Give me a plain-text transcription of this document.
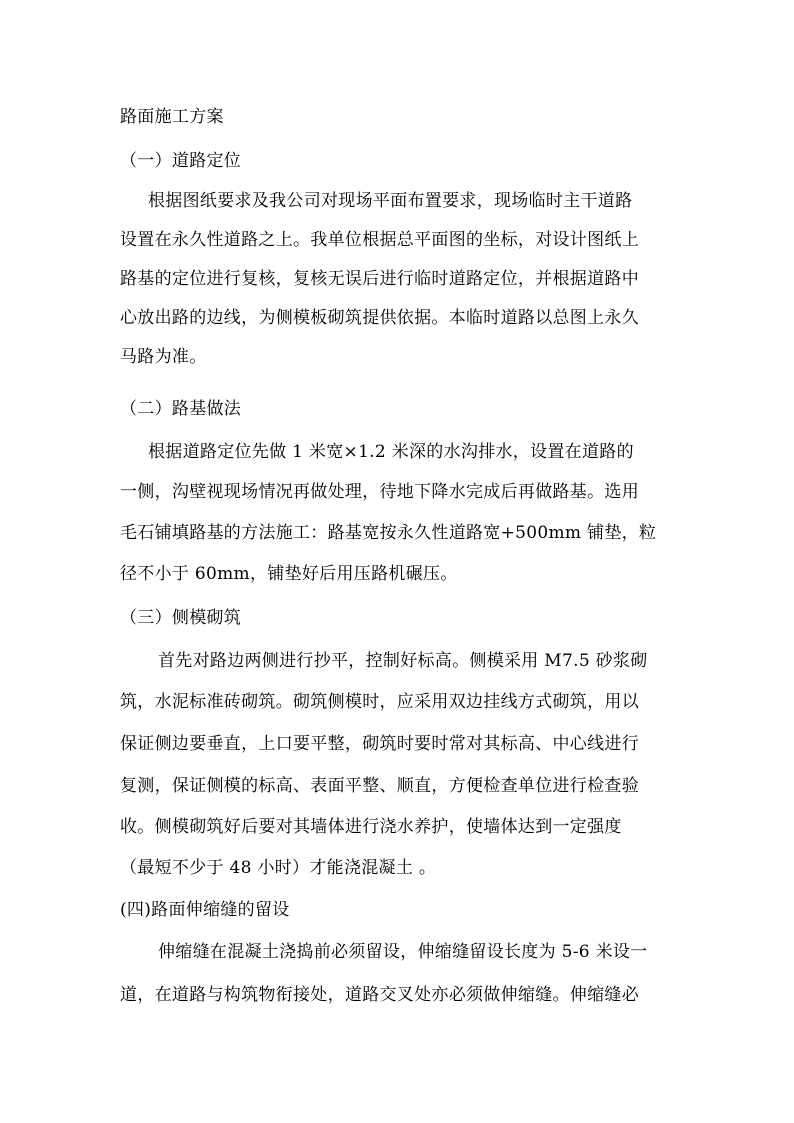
路面施工方案
（一）道路定位
根据图纸要求及我公司对现场平面布置要求，现场临时主干道路
设置在永久性道路之上。我单位根据总平面图的坐标，对设计图纸上
路基的定位进行复核，复核无误后进行临时道路定位，并根据道路中
心放出路的边线，为侧模板砌筑提供依据。本临时道路以总图上永久
马路为准。
（二）路基做法
根据道路定位先做 1 米宽×1.2 米深的水沟排水，设置在道路的
一侧，沟壁视现场情况再做处理，待地下降水完成后再做路基。选用
毛石铺填路基的方法施工：路基宽按永久性道路宽+500mm 铺垫，粒
径不小于 60mm，铺垫好后用压路机碾压。
（三）侧模砌筑
首先对路边两侧进行抄平，控制好标高。侧模采用 M7.5 砂浆砌
筑，水泥标准砖砌筑。砌筑侧模时，应采用双边挂线方式砌筑，用以
保证侧边要垂直，上口要平整，砌筑时要时常对其标高、中心线进行
复测，保证侧模的标高、表面平整、顺直，方便检查单位进行检查验
收。侧模砌筑好后要对其墙体进行浇水养护，使墙体达到一定强度
（最短不少于 48 小时）才能浇混凝土 。
(四)路面伸缩缝的留设
伸缩缝在混凝土浇捣前必须留设，伸缩缝留设长度为 5-6 米设一
道，在道路与构筑物衔接处，道路交叉处亦必须做伸缩缝。伸缩缝必
